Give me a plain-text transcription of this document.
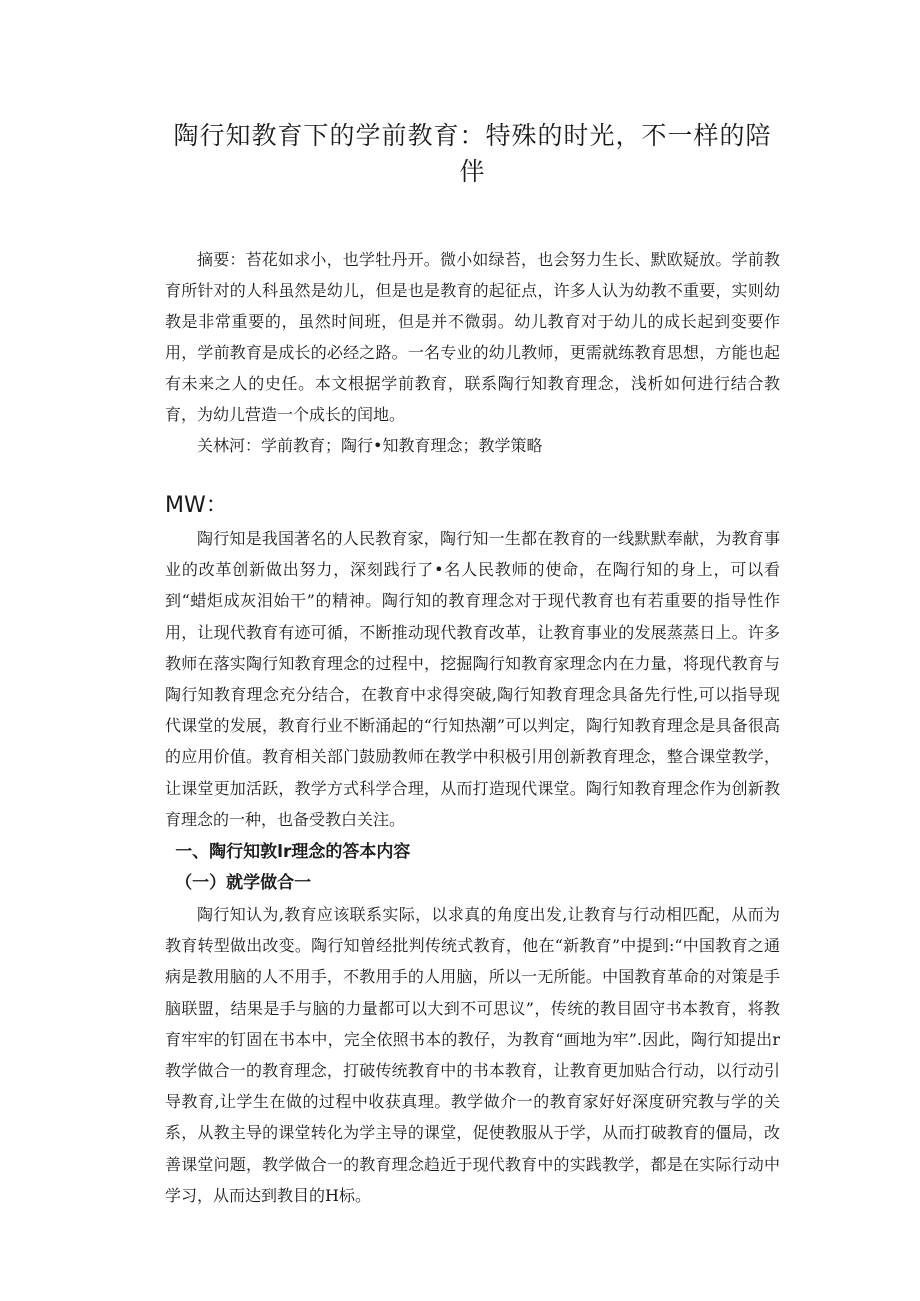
陶行知教育下的学前教育：特殊的时光，不一样的陪伴
摘要：苔花如求小，也学牡丹开。微小如绿苔，也会努力生长、默欧疑放。学前教育所针对的人科虽然是幼儿，但是也是教育的起征点，许多人认为幼教不重要，实则幼教是非常重要的，虽然时间班，但是并不微弱。幼儿教育对于幼儿的成长起到变要作用，学前教育是成长的必经之路。一名专业的幼儿教师，更需就练教育思想，方能也起有未来之人的史任。本文根据学前教育，联系陶行知教育理念，浅析如何进行结合教育，为幼儿营造一个成长的闰地。
关林河：学前教育；陶行•知教育理念；教学策略
MW：

陶行知是我国著名的人民教育家，陶行知一生都在教育的一线默默奉献，为教育事业的改革创新做出努力，深刻践行了•名人民教师的使命，在陶行知的身上，可以看到“蜡炬成灰泪始干”的精神。陶行知的教育理念对于现代教育也有若重要的指导性作用，让现代教育有迹可循，不断推动现代教育改革，让教育事业的发展蒸蒸日上。许多教师在落实陶行知教育理念的过程中，挖掘陶行知教育家理念内在力量，将现代教育与陶行知教育理念充分结合，在教育中求得突破,陶行知教育理念具备先行性,可以指导现代课堂的发展，教育行业不断涌起的“行知热潮”可以判定，陶行知教育理念是具备很高的应用价值。教育相关部门鼓励教师在教学中积极引用创新教育理念，整合课堂教学，让课堂更加活跃，教学方式科学合理，从而打造现代课堂。陶行知教育理念作为创新教育理念的一种，也备受教白关注。

一、陶行知敦lr理念的答本内容
（一）就学做合一

陶行知认为,教育应该联系实际，以求真的角度出发,让教育与行动相匹配，从而为教育转型做出改变。陶行知曾经批判传统式教育，他在“新教育”中提到:“中国教育之通病是教用脑的人不用手，不教用手的人用脑，所以一无所能。中国教育革命的对策是手脑联盟，结果是手与脑的力量都可以大到不可思议”，传统的教目固守书本教育，将教育牢牢的钉固在书本中，完全依照书本的教仔，为教育“画地为牢”.因此，陶行知提出r教学做合一的教育理念，打破传统教育中的书本教育，让教育更加贴合行动，以行动引导教育,让学生在做的过程中收获真理。教学做介一的教育家好好深度研究教与学的关系，从教主导的课堂转化为学主导的课堂，促使教服从于学，从而打破教育的僵局，改善课堂问题，教学做合一的教育理念趋近于现代教育中的实践教学，都是在实际行动中学习，从而达到教目的H标。
